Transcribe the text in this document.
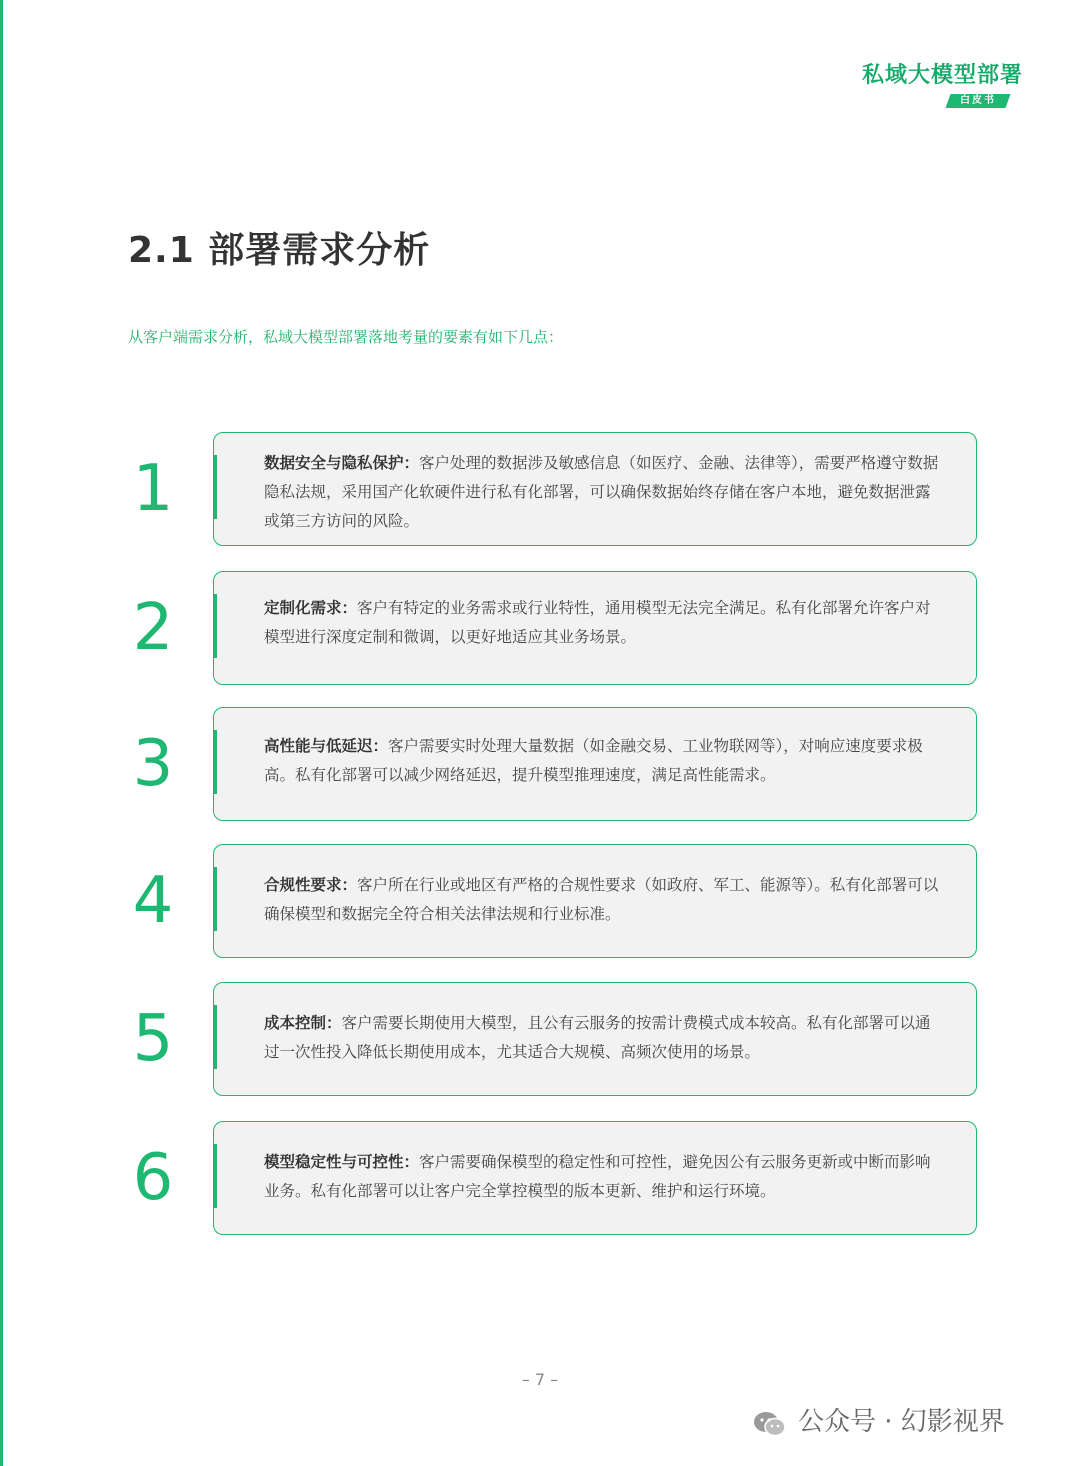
私域大模型部署
白皮书
2.1 部署需求分析
从客户端需求分析，私域大模型部署落地考量的要素有如下几点：
1	数据安全与隐私保护：客户处理的数据涉及敏感信息（如医疗、金融、法律等），需要严格遵守数据隐私法规，采用国产化软硬件进行私有化部署，可以确保数据始终存储在客户本地，避免数据泄露或第三方访问的风险。
2	定制化需求：客户有特定的业务需求或行业特性，通用模型无法完全满足。私有化部署允许客户对模型进行深度定制和微调，以更好地适应其业务场景。
3	高性能与低延迟：客户需要实时处理大量数据（如金融交易、工业物联网等），对响应速度要求极高。私有化部署可以减少网络延迟，提升模型推理速度，满足高性能需求。
4	合规性要求：客户所在行业或地区有严格的合规性要求（如政府、军工、能源等）。私有化部署可以确保模型和数据完全符合相关法律法规和行业标准。
5	成本控制：客户需要长期使用大模型，且公有云服务的按需计费模式成本较高。私有化部署可以通过一次性投入降低长期使用成本，尤其适合大规模、高频次使用的场景。
6	模型稳定性与可控性：客户需要确保模型的稳定性和可控性，避免因公有云服务更新或中断而影响业务。私有化部署可以让客户完全掌控模型的版本更新、维护和运行环境。
– 7 –
公众号 · 幻影视界
